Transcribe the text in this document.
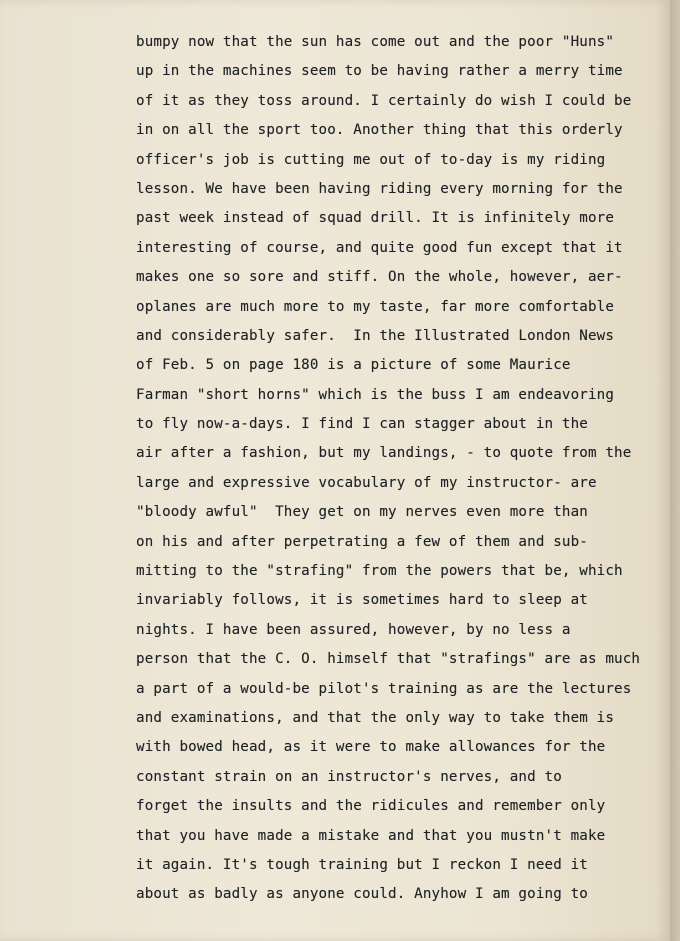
bumpy now that the sun has come out and the poor "Huns"
up in the machines seem to be having rather a merry time
of it as they toss around. I certainly do wish I could be
in on all the sport too. Another thing that this orderly
officer's job is cutting me out of to-day is my riding
lesson. We have been having riding every morning for the
past week instead of squad drill. It is infinitely more
interesting of course, and quite good fun except that it
makes one so sore and stiff. On the whole, however, aer-
oplanes are much more to my taste, far more comfortable
and considerably safer.  In the Illustrated London News
of Feb. 5 on page 180 is a picture of some Maurice
Farman "short horns" which is the buss I am endeavoring
to fly now-a-days. I find I can stagger about in the
air after a fashion, but my landings, - to quote from the
large and expressive vocabulary of my instructor- are
"bloody awful"  They get on my nerves even more than
on his and after perpetrating a few of them and sub-
mitting to the "strafing" from the powers that be, which
invariably follows, it is sometimes hard to sleep at
nights. I have been assured, however, by no less a
person that the C. O. himself that "strafings" are as much
a part of a would-be pilot's training as are the lectures
and examinations, and that the only way to take them is
with bowed head, as it were to make allowances for the
constant strain on an instructor's nerves, and to
forget the insults and the ridicules and remember only
that you have made a mistake and that you mustn't make
it again. It's tough training but I reckon I need it
about as badly as anyone could. Anyhow I am going to
